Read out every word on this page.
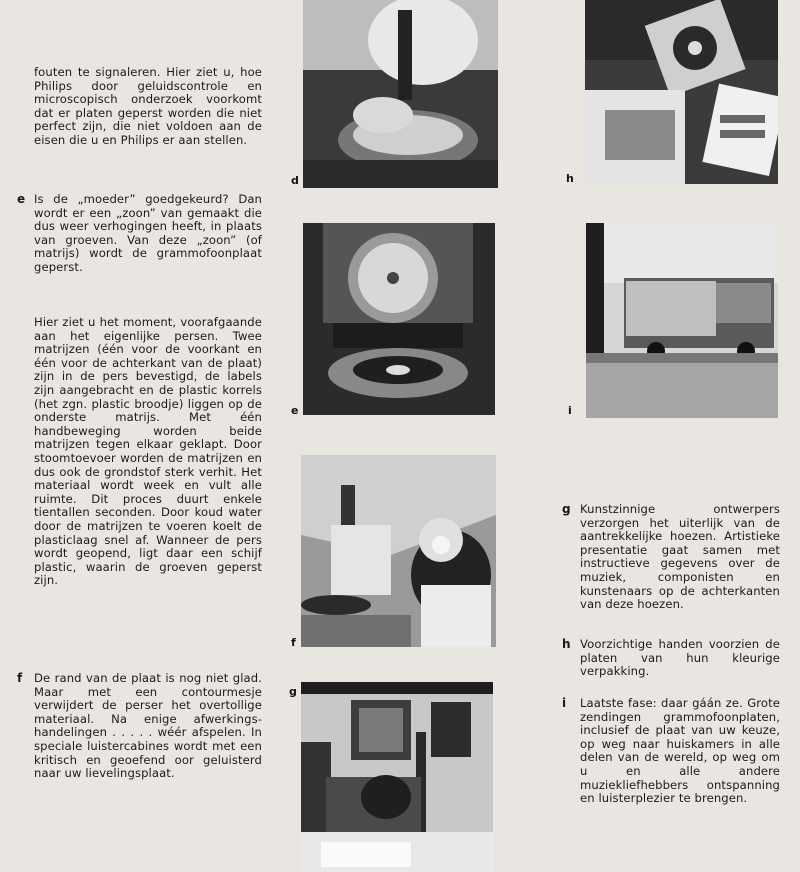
fouten te signaleren. Hier ziet u, hoe Philips door geluidscontrole en microscopisch onderzoek voorkomt dat er platen geperst worden die niet perfect zijn, die niet voldoen aan de eisen die u en Philips er aan stellen.
e Is de „moeder” goedgekeurd? Dan wordt er een „zoon” van gemaakt die dus weer verhogingen heeft, in plaats van groeven. Van deze „zoon” (of matrijs) wordt de grammofoonplaat geperst.
Hier ziet u het moment, voorafgaande aan het eigenlijke persen. Twee matrijzen (één voor de voorkant en één voor de achterkant van de plaat) zijn in de pers bevestigd, de labels zijn aangebracht en de plastic korrels (het zgn. plastic broodje) liggen op de onderste matrijs. Met één handbeweging worden beide matrijzen tegen elkaar geklapt. Door stoomtoevoer worden de matrijzen en dus ook de grondstof sterk verhit. Het materiaal wordt week en vult alle ruimte. Dit proces duurt enkele tientallen seconden. Door koud water door de matrijzen te voeren koelt de plasticlaag snel af. Wanneer de pers wordt geopend, ligt daar een schijf plastic, waarin de groeven geperst zijn.
f De rand van de plaat is nog niet glad. Maar met een contourmesje verwijdert de perser het overtollige materiaal. Na enige afwerkings-handelingen . . . . . wéér afspelen. In speciale luistercabines wordt met een kritisch en geoefend oor geluisterd naar uw lievelingsplaat.
d
e
f
g
h
i
g Kunstzinnige ontwerpers verzorgen het uiterlijk van de aantrekkelijke hoezen. Artistieke presentatie gaat samen met instructieve gegevens over de muziek, componisten en kunstenaars op de achterkanten van deze hoezen.
h Voorzichtige handen voorzien de platen van hun kleurige verpakking.
i Laatste fase: daar gáán ze. Grote zendingen grammofoonplaten, inclusief de plaat van uw keuze, op weg naar huiskamers in alle delen van de wereld, op weg om u en alle andere muziekliefhebbers ontspanning en luisterplezier te brengen.
